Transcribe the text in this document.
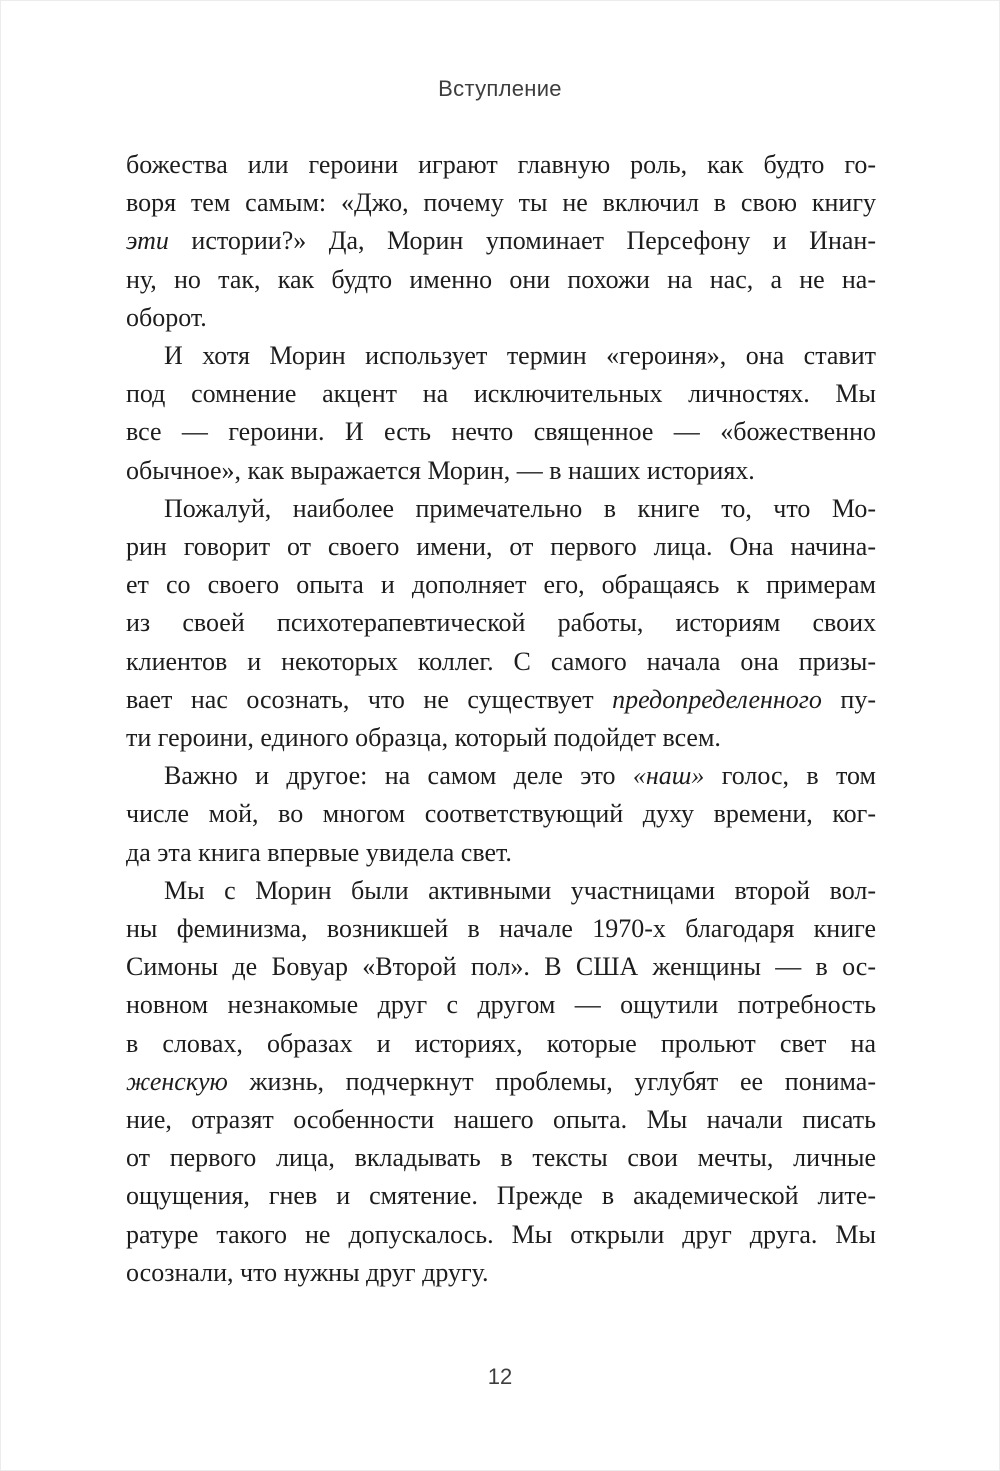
Вступление
божества или героини играют главную роль, как будто го-
воря тем самым: «Джо, почему ты не включил в свою книгу
эти истории?» Да, Морин упоминает Персефону и Инан-
ну, но так, как будто именно они похожи на нас, а не на-
оборот.
И хотя Морин использует термин «героиня», она ставит
под сомнение акцент на исключительных личностях. Мы
все — героини. И есть нечто священное — «божественно
обычное», как выражается Морин, — в наших историях.
Пожалуй, наиболее примечательно в книге то, что Мо-
рин говорит от своего имени, от первого лица. Она начина-
ет со своего опыта и дополняет его, обращаясь к примерам
из своей психотерапевтической работы, историям своих
клиентов и некоторых коллег. С самого начала она призы-
вает нас осознать, что не существует предопределенного пу-
ти героини, единого образца, который подойдет всем.
Важно и другое: на самом деле это «наш» голос, в том
числе мой, во многом соответствующий духу времени, ког-
да эта книга впервые увидела свет.
Мы с Морин были активными участницами второй вол-
ны феминизма, возникшей в начале 1970-х благодаря книге
Симоны де Бовуар «Второй пол». В США женщины — в ос-
новном незнакомые друг с другом — ощутили потребность
в словах, образах и историях, которые прольют свет на
женскую жизнь, подчеркнут проблемы, углубят ее понима-
ние, отразят особенности нашего опыта. Мы начали писать
от первого лица, вкладывать в тексты свои мечты, личные
ощущения, гнев и смятение. Прежде в академической лите-
ратуре такого не допускалось. Мы открыли друг друга. Мы
осознали, что нужны друг другу.
12
